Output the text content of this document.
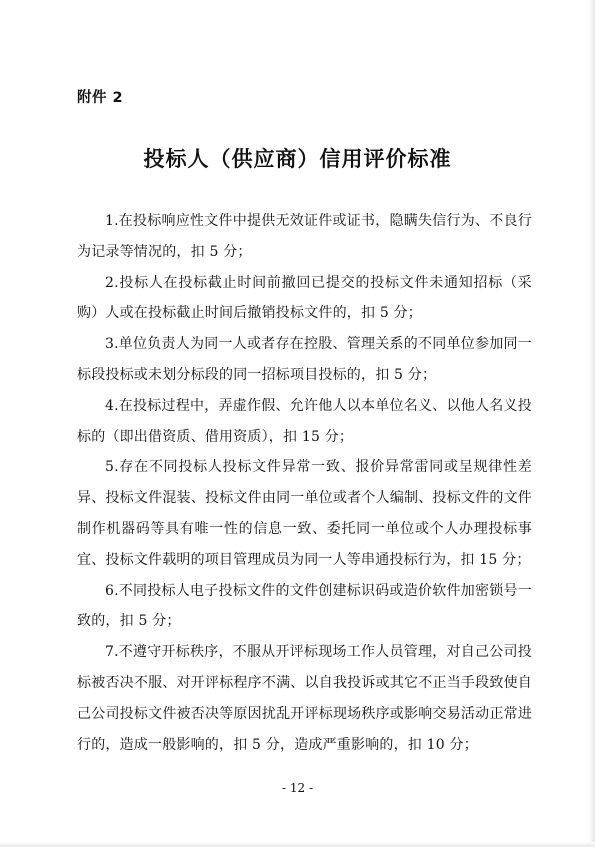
附件 2
投标人（供应商）信用评价标准

1.在投标响应性文件中提供无效证件或证书，隐瞒失信行为、不良行为记录等情况的，扣 5 分；

2.投标人在投标截止时间前撤回已提交的投标文件未通知招标（采购）人或在投标截止时间后撤销投标文件的，扣 5 分；

3.单位负责人为同一人或者存在控股、管理关系的不同单位参加同一标段投标或未划分标段的同一招标项目投标的，扣 5 分；

4.在投标过程中，弄虚作假、允许他人以本单位名义、以他人名义投标的（即出借资质、借用资质），扣 15 分；

5.存在不同投标人投标文件异常一致、报价异常雷同或呈规律性差异、投标文件混装、投标文件由同一单位或者个人编制、投标文件的文件制作机器码等具有唯一性的信息一致、委托同一单位或个人办理投标事宜、投标文件载明的项目管理成员为同一人等串通投标行为，扣 15 分；

6.不同投标人电子投标文件的文件创建标识码或造价软件加密锁号一致的，扣 5 分；

7.不遵守开标秩序，不服从开评标现场工作人员管理，对自己公司投标被否决不服、对开评标程序不满、以自我投诉或其它不正当手段致使自己公司投标文件被否决等原因扰乱开评标现场秩序或影响交易活动正常进行的，造成一般影响的，扣 5 分，造成严重影响的，扣 10 分；

- 12 -
